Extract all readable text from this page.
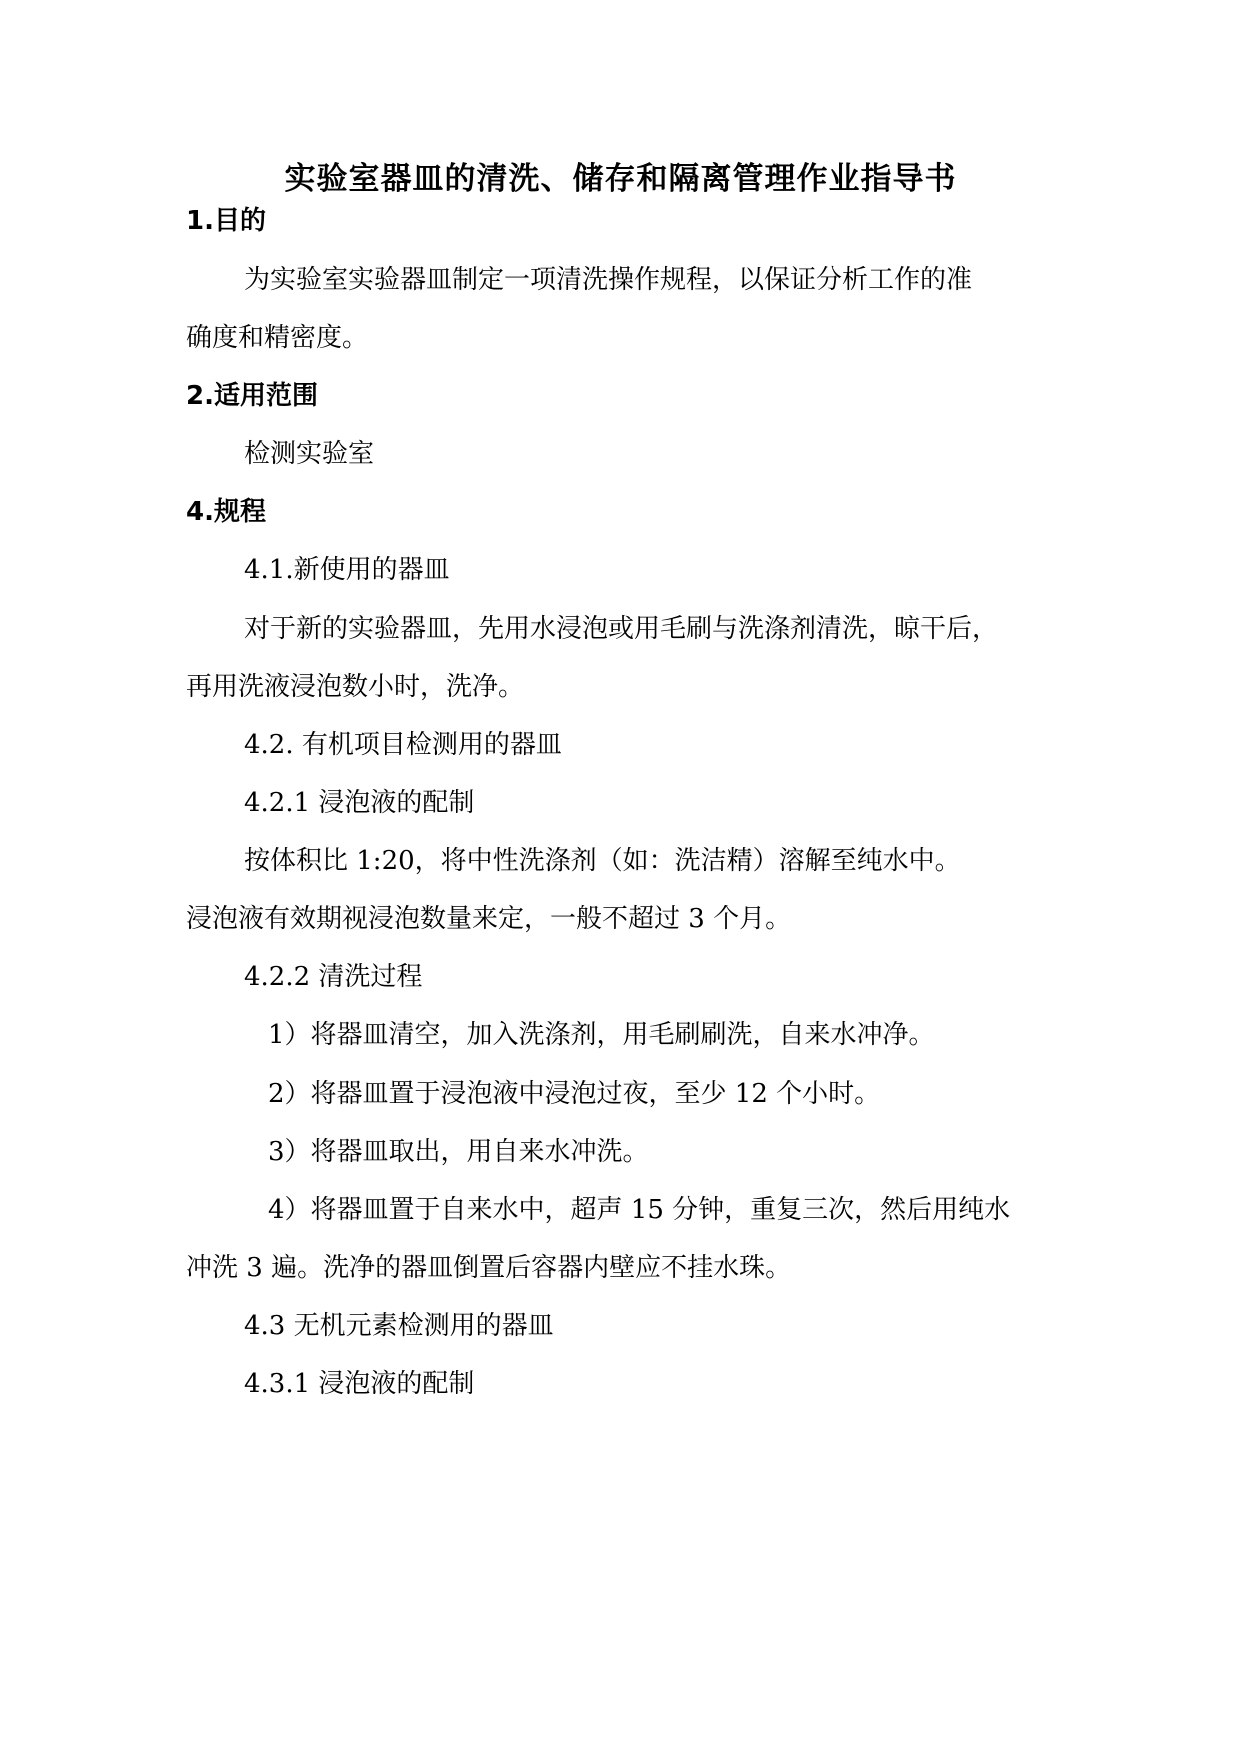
实验室器皿的清洗、储存和隔离管理作业指导书
1.目的
为实验室实验器皿制定一项清洗操作规程，以保证分析工作的准
确度和精密度。
2.适用范围
检测实验室
4.规程
4.1.新使用的器皿
对于新的实验器皿，先用水浸泡或用毛刷与洗涤剂清洗，晾干后，
再用洗液浸泡数小时，洗净。
4.2. 有机项目检测用的器皿
4.2.1 浸泡液的配制
按体积比 1:20，将中性洗涤剂（如：洗洁精）溶解至纯水中。
浸泡液有效期视浸泡数量来定，一般不超过 3 个月。
4.2.2 清洗过程
1）将器皿清空，加入洗涤剂，用毛刷刷洗，自来水冲净。
2）将器皿置于浸泡液中浸泡过夜，至少 12 个小时。
3）将器皿取出，用自来水冲洗。
4）将器皿置于自来水中，超声 15 分钟，重复三次，然后用纯水
冲洗 3 遍。洗净的器皿倒置后容器内壁应不挂水珠。
4.3 无机元素检测用的器皿
4.3.1 浸泡液的配制
